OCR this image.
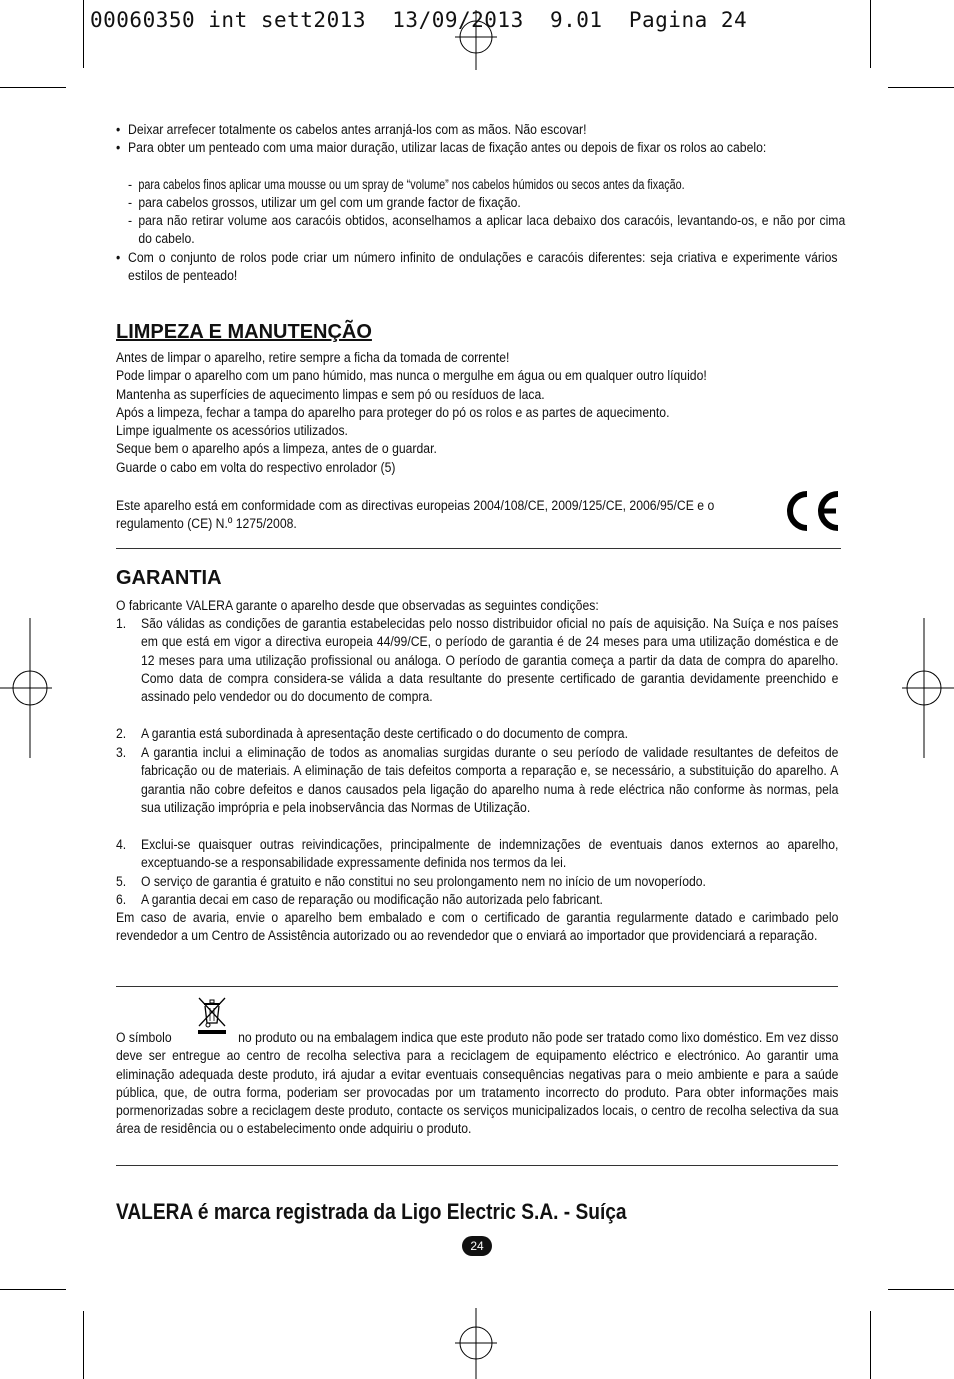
00060350 int sett2013  13/09/2013  9.01  Pagina 24
• Deixar arrefecer totalmente os cabelos antes arranjá-los com as mãos. Não escovar!
• Para obter um penteado com uma maior duração, utilizar lacas de fixação antes ou depois de fixar os rolos ao cabelo:
- para cabelos finos aplicar uma mousse ou um spray de “volume” nos cabelos húmidos ou secos antes da fixação.
- para cabelos grossos, utilizar um gel com um grande factor de fixação.
- para não retirar volume aos caracóis obtidos, aconselhamos a aplicar laca debaixo dos caracóis, levantando-os, e não por cima do cabelo.
• Com o conjunto de rolos pode criar um número infinito de ondulações e caracóis diferentes: seja criativa e experimente vários estilos de penteado!
LIMPEZA E MANUTENÇÃO
Antes de limpar o aparelho, retire sempre a ficha da tomada de corrente!
Pode limpar o aparelho com um pano húmido, mas nunca o mergulhe em água ou em qualquer outro líquido!
Mantenha as superfícies de aquecimento limpas e sem pó ou resíduos de laca.
Após a limpeza, fechar a tampa do aparelho para proteger do pó os rolos e as partes de aquecimento.
Limpe igualmente os acessórios utilizados.
Seque bem o aparelho após a limpeza, antes de o guardar.
Guarde o cabo em volta do respectivo enrolador (5)
Este aparelho está em conformidade com as directivas europeias 2004/108/CE, 2009/125/CE, 2006/95/CE e o regulamento (CE) N.º 1275/2008.
GARANTIA
O fabricante VALERA garante o aparelho desde que observadas as seguintes condições:
1. São válidas as condições de garantia estabelecidas pelo nosso distribuidor oficial no país de aquisição. Na Suíça e nos países em que está em vigor a directiva europeia 44/99/CE, o período de garantia é de 24 meses para uma utilização doméstica e de 12 meses para uma utilização profissional ou análoga. O período de garantia começa a partir da data de compra do aparelho. Como data de compra considera-se válida a data resultante do presente certificado de garantia devidamente preenchido e assinado pelo vendedor ou do documento de compra.
2. A garantia está subordinada à apresentação deste certificado o do documento de compra.
3. A garantia inclui a eliminação de todos as anomalias surgidas durante o seu período de validade resultantes de defeitos de fabricação ou de materiais. A eliminação de tais defeitos comporta a reparação e, se necessário, a substituição do aparelho. A garantia não cobre defeitos e danos causados pela ligação do aparelho numa à rede eléctrica não conforme às normas, pela sua utilização imprópria e pela inobservância das Normas de Utilização.
4. Exclui-se quaisquer outras reivindicações, principalmente de indemnizações de eventuais danos externos ao aparelho, exceptuando-se a responsabilidade expressamente definida nos termos da lei.
5. O serviço de garantia é gratuito e não constitui no seu prolongamento nem no início de um novoperíodo.
6. A garantia decai em caso de reparação ou modificação não autorizada pelo fabricant.
Em caso de avaria, envie o aparelho bem embalado e com o certificado de garantia regularmente datado e carimbado pelo revendedor a um Centro de Assistência autorizado ou ao revendedor que o enviará ao importador que providenciará a reparação.
O símbolo	no produto ou na embalagem indica que este produto não pode ser tratado como lixo doméstico. Em vez disso deve ser entregue ao centro de recolha selectiva para a reciclagem de equipamento eléctrico e electrónico. Ao garantir uma eliminação adequada deste produto, irá ajudar a evitar eventuais consequências negativas para o meio ambiente e para a saúde pública, que, de outra forma, poderiam ser provocadas por um tratamento incorrecto do produto. Para obter informações mais pormenorizadas sobre a reciclagem deste produto, contacte os serviços municipalizados locais, o centro de recolha selectiva da sua área de residência ou o estabelecimento onde adquiriu o produto.
VALERA é marca registrada da Ligo Electric S.A. - Suíça
24
